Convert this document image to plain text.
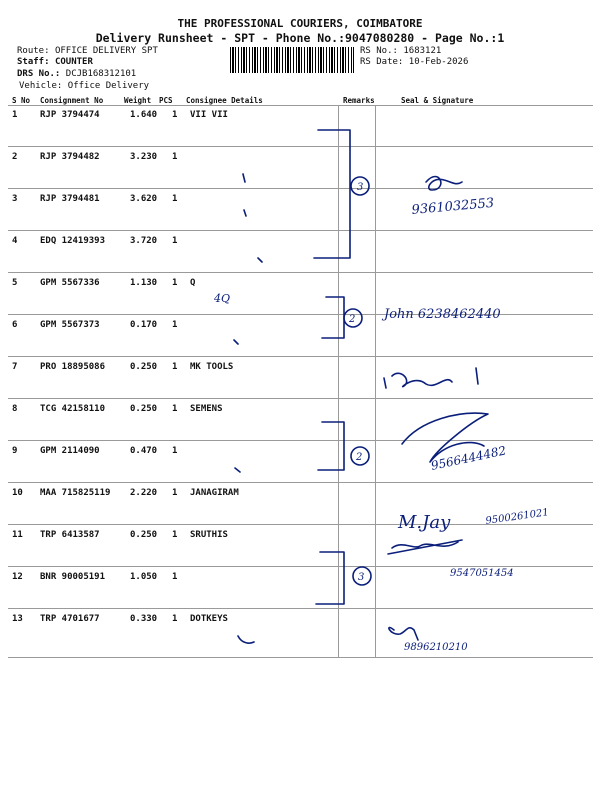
THE PROFESSIONAL COURIERS, COIMBATORE
Delivery Runsheet - SPT - Phone No.:9047080280 - Page No.:1
Route: OFFICE DELIVERY SPT
Staff: COUNTER
DRS No.: DCJB168312101
Vehicle: Office Delivery
RS No.: 1683121
RS Date: 10-Feb-2026
S No Consignment No	Weight PCS Consignee Details	Remarks	Seal & Signature
1	RJP 3794474	1.640 1 VII VII
2	RJP 3794482	3.230 1
3	RJP 3794481	3.620 1
4	EDQ 12419393	3.720 1
5	GPM 5567336	1.130 1 Q
6	GPM 5567373	0.170 1
7	PRO 18895086	0.250 1 MK TOOLS
8	TCG 42158110	0.250 1 SEMENS
9	GPM 2114090	0.470 1
10 MAA 715825119 2.220 1 JANAGIRAM
11 TRP 6413587	0.250 1 SRUTHIS
12 BNR 90005191	1.050 1
13 TRP 4701677	0.330 1 DOTKEYS
3
9361032553
4Q
2 John 6238462440
2	9566444482
M.Jay	9500261021
3	9547051454
9896210210
